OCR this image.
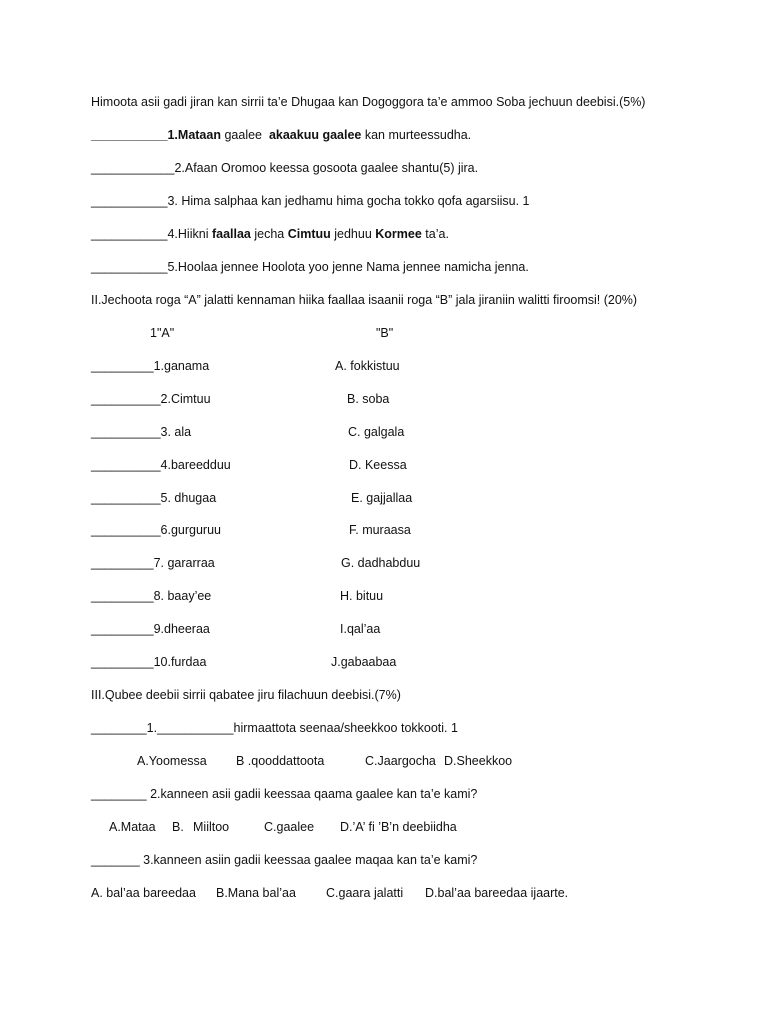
Himoota asii gadi jiran kan sirrii ta’e Dhugaa kan Dogoggora ta’e ammoo Soba jechuun deebisi.(5%)
___________1.Mataan gaalee  akaakuu gaalee kan murteessudha.
____________2.Afaan Oromoo keessa gosoota gaalee shantu(5) jira.
___________3. Hima salphaa kan jedhamu hima gocha tokko qofa agarsiisu. 1
___________4.Hiikni faallaa jecha Cimtuu jedhuu Kormee ta’a.
___________5.Hoolaa jennee Hoolota yoo jenne Nama jennee namicha jenna.
II.Jechoota roga “A” jalatti kennaman hiika faallaa isaanii roga “B” jala jiraniin walitti firoomsi! (20%)
1"A"	"B"
_________1.ganama	A. fokkistuu
__________2.Cimtuu	B. soba
__________3. ala	C. galgala
__________4.bareedduu	D. Keessa
__________5. dhugaa	E. gajjallaa
__________6.gurguruu	F. muraasa
_________7. gararraa	G. dadhabduu
_________8. baay’ee	H. bituu
_________9.dheeraa	I.qal’aa
_________10.furdaa	J.gabaabaa
III.Qubee deebii sirrii qabatee jiru filachuun deebisi.(7%)
________1.___________hirmaattota seenaa/sheekkoo tokkooti. 1
A.Yoomessa B .qooddattoota	C.Jaargocha D.Sheekkoo
________ 2.kanneen asii gadii keessaa qaama gaalee kan ta’e kami?
A.Mataa B. Miiltoo	C.gaalee D.’A’ fi ’B’n deebiidha
_______ 3.kanneen asiin gadii keessaa gaalee maqaa kan ta’e kami?
A. bal’aa bareedaa B.Mana bal’aa C.gaara jalatti D.bal’aa bareedaa ijaarte.
